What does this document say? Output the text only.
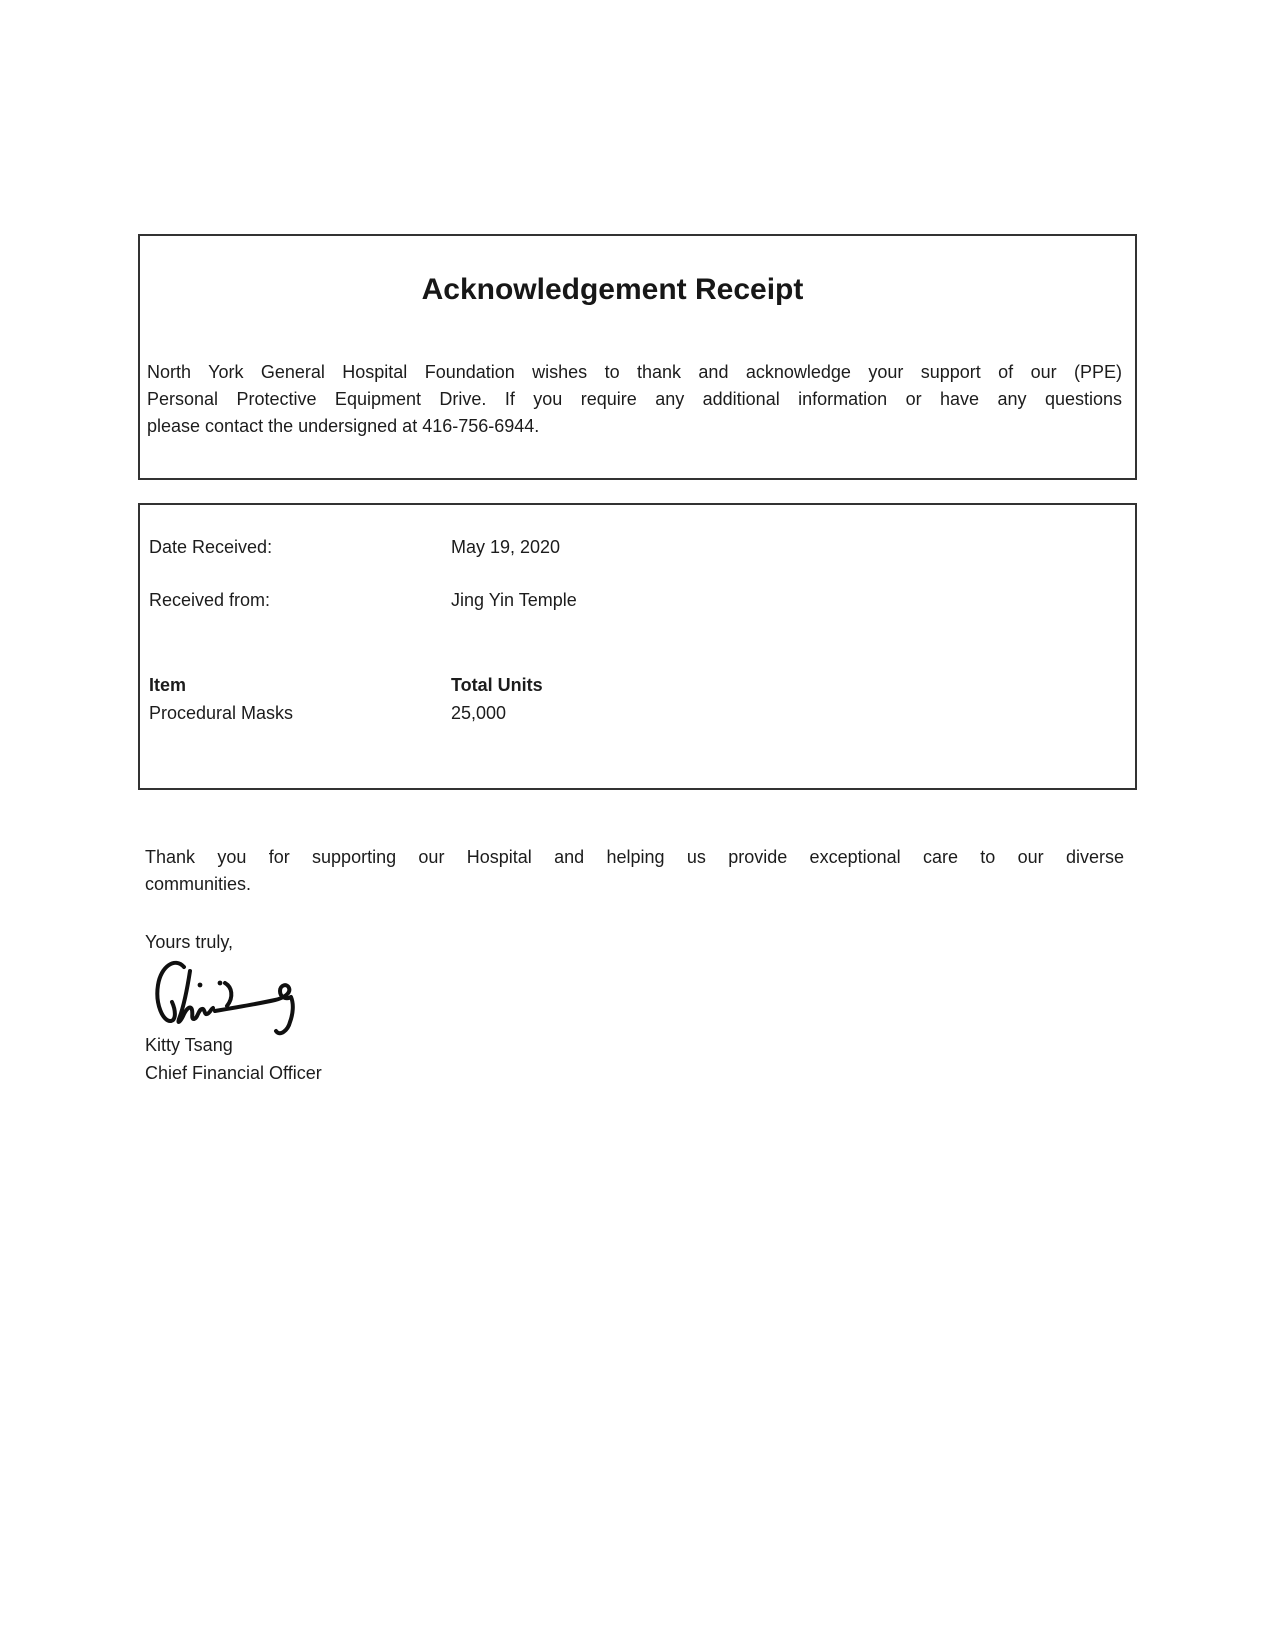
Acknowledgement Receipt
North York General Hospital Foundation wishes to thank and acknowledge your support of our (PPE)
Personal Protective Equipment Drive. If you require any additional information or have any questions
please contact the undersigned at 416-756-6944.
Date Received:	May 19, 2020
Received from:	Jing Yin Temple
Item	Total Units
Procedural Masks	25,000
Thank you for supporting our Hospital and helping us provide exceptional care to our diverse
communities.
Yours truly,
Kitty Tsang
Chief Financial Officer
